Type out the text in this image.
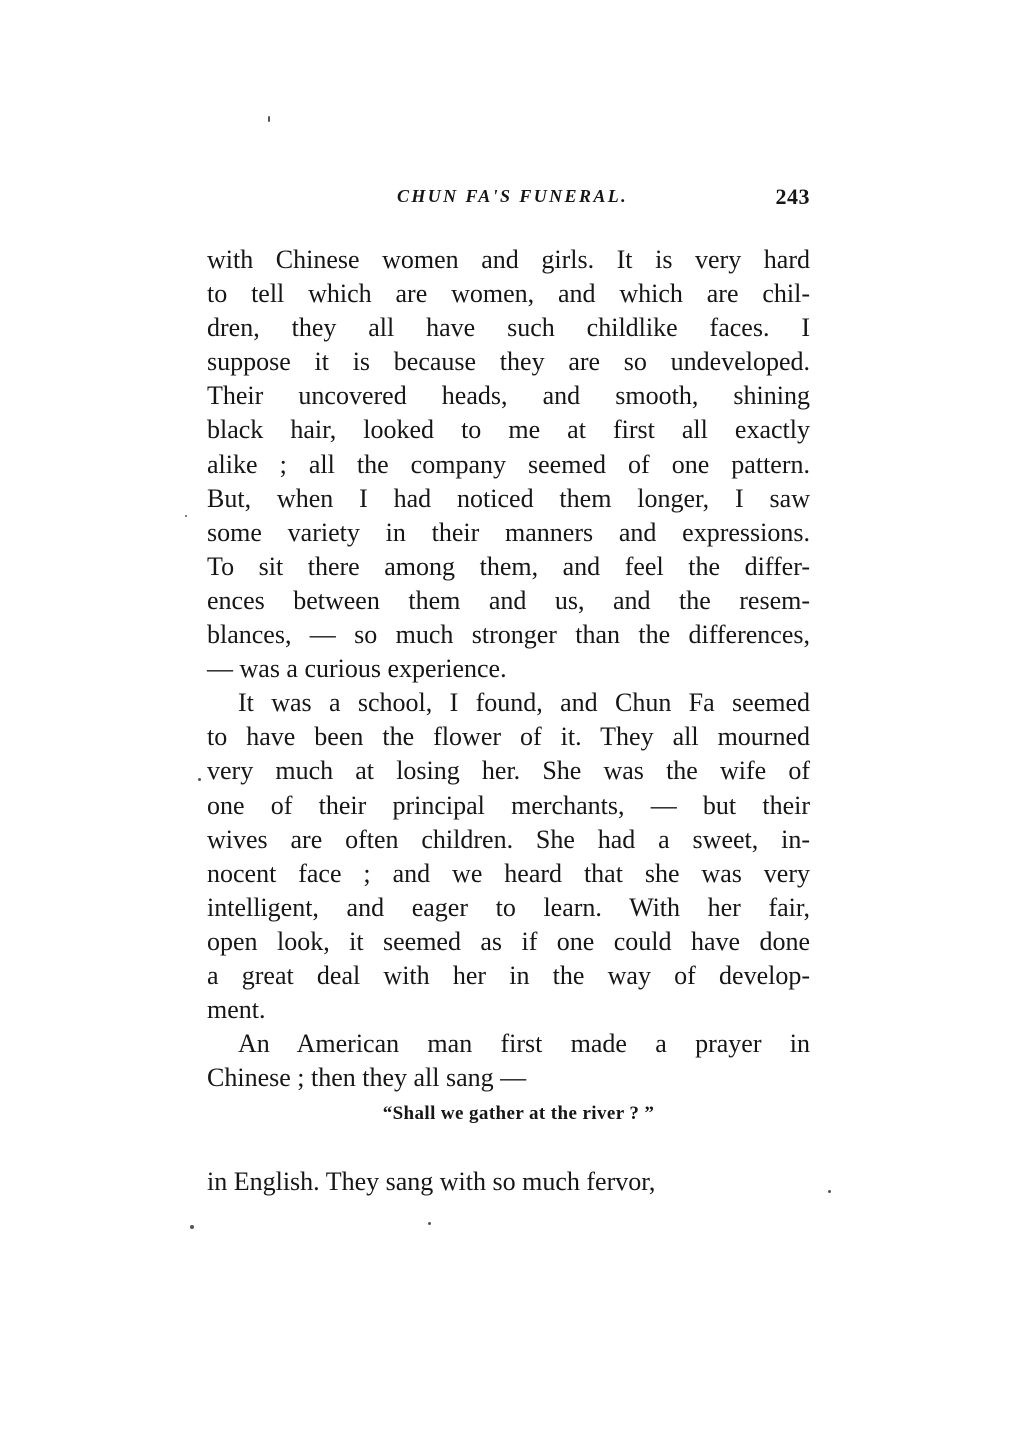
CHUN FA'S FUNERAL.	243
with Chinese women and girls. It is very hard
to tell which are women, and which are chil-
dren, they all have such childlike faces. I
suppose it is because they are so undeveloped.
Their uncovered heads, and smooth, shining
black hair, looked to me at first all exactly
alike ; all the company seemed of one pattern.
But, when I had noticed them longer, I saw
some variety in their manners and expressions.
To sit there among them, and feel the differ-
ences between them and us, and the resem-
blances, — so much stronger than the differences,
— was a curious experience.
It was a school, I found, and Chun Fa seemed
to have been the flower of it. They all mourned
very much at losing her. She was the wife of
one of their principal merchants, — but their
wives are often children. She had a sweet, in-
nocent face ; and we heard that she was very
intelligent, and eager to learn. With her fair,
open look, it seemed as if one could have done
a great deal with her in the way of develop-
ment.
An American man first made a prayer in
Chinese ; then they all sang —
“Shall we gather at the river ? ”
in English. They sang with so much fervor,
